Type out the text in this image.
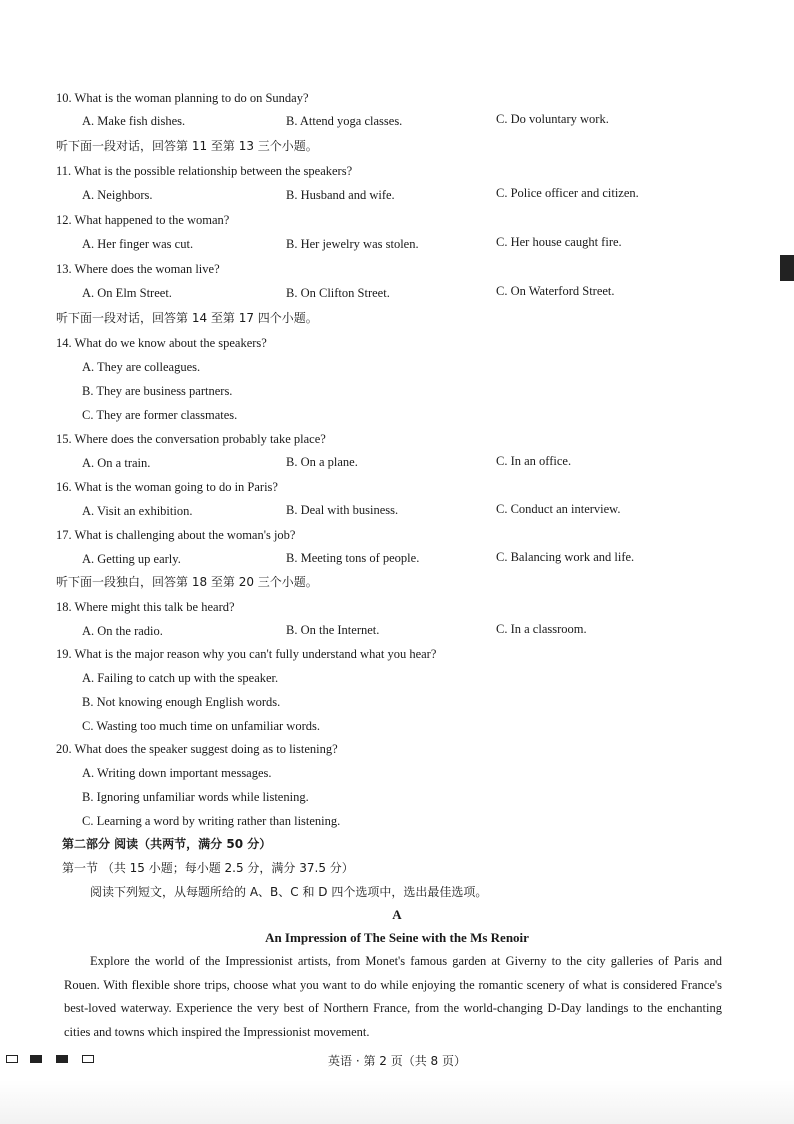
10. What is the woman planning to do on Sunday?
A. Make fish dishes.	B. Attend yoga classes.	C. Do voluntary work.
听下面一段对话，回答第 11 至第 13 三个小题。
11. What is the possible relationship between the speakers?
A. Neighbors.	B. Husband and wife.	C. Police officer and citizen.
12. What happened to the woman?
A. Her finger was cut.	B. Her jewelry was stolen.	C. Her house caught fire.
13. Where does the woman live?
A. On Elm Street.	B. On Clifton Street.	C. On Waterford Street.
听下面一段对话，回答第 14 至第 17 四个小题。
14. What do we know about the speakers?
A. They are colleagues.
B. They are business partners.
C. They are former classmates.
15. Where does the conversation probably take place?
A. On a train.	B. On a plane.	C. In an office.
16. What is the woman going to do in Paris?
A. Visit an exhibition.	B. Deal with business.	C. Conduct an interview.
17. What is challenging about the woman's job?
A. Getting up early.	B. Meeting tons of people.	C. Balancing work and life.
听下面一段独白，回答第 18 至第 20 三个小题。
18. Where might this talk be heard?
A. On the radio.	B. On the Internet.	C. In a classroom.
19. What is the major reason why you can't fully understand what you hear?
A. Failing to catch up with the speaker.
B. Not knowing enough English words.
C. Wasting too much time on unfamiliar words.
20. What does the speaker suggest doing as to listening?
A. Writing down important messages.
B. Ignoring unfamiliar words while listening.
C. Learning a word by writing rather than listening.
第二部分 阅读（共两节，满分 50 分）
第一节 （共 15 小题；每小题 2.5 分，满分 37.5 分）
阅读下列短文，从每题所给的 A、B、C 和 D 四个选项中，选出最佳选项。
A
An Impression of The Seine with the Ms Renoir
Explore the world of the Impressionist artists, from Monet's famous garden at Giverny to the city galleries of Paris and Rouen. With flexible shore trips, choose what you want to do while enjoying the romantic scenery of what is considered France's best-loved waterway. Experience the very best of Northern France, from the world-changing D-Day landings to the enchanting cities and towns which inspired the Impressionist movement.
英语 · 第 2 页（共 8 页）
